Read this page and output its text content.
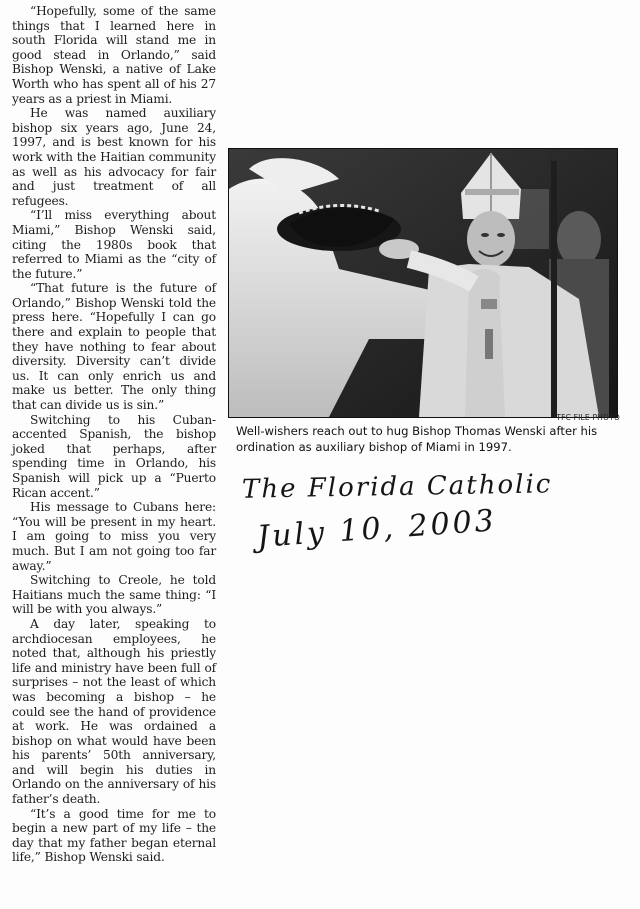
“Hopefully, some of the same things that I learned here in south Florida will stand me in good stead in Orlando,” said Bishop Wenski, a native of Lake Worth who has spent all of his 27 years as a priest in Miami.

He was named auxiliary bishop six years ago, June 24, 1997, and is best known for his work with the Haitian community as well as his advocacy for fair and just treatment of all refugees.

“I’ll miss everything about Miami,” Bishop Wenski said, citing the 1980s book that referred to Miami as the “city of the future.”

“That future is the future of Orlando,” Bishop Wenski told the press here. “Hopefully I can go there and explain to people that they have nothing to fear about diversity. Diversity can’t divide us. It can only enrich us and make us better. The only thing that can divide us is sin.”

Switching to his Cuban-accented Spanish, the bishop joked that perhaps, after spending time in Orlando, his Spanish will pick up a “Puerto Rican accent.”

His message to Cubans here: “You will be present in my heart. I am going to miss you very much. But I am not going too far away.”

Switching to Creole, he told Haitians much the same thing: “I will be with you always.”

A day later, speaking to archdiocesan employees, he noted that, although his priestly life and ministry have been full of surprises – not the least of which was becoming a bishop – he could see the hand of providence at work. He was ordained a bishop on what would have been his parents’ 50th anniversary, and will begin his duties in Orlando on the anniversary of his father’s death.

“It’s a good time for me to begin a new part of my life – the day that my father began eternal life,” Bishop Wenski said.

TFC FILE PHOTO
Well-wishers reach out to hug Bishop Thomas Wenski after his ordination as auxiliary bishop of Miami in 1997.
The Florida Catholic
July 10, 2003
